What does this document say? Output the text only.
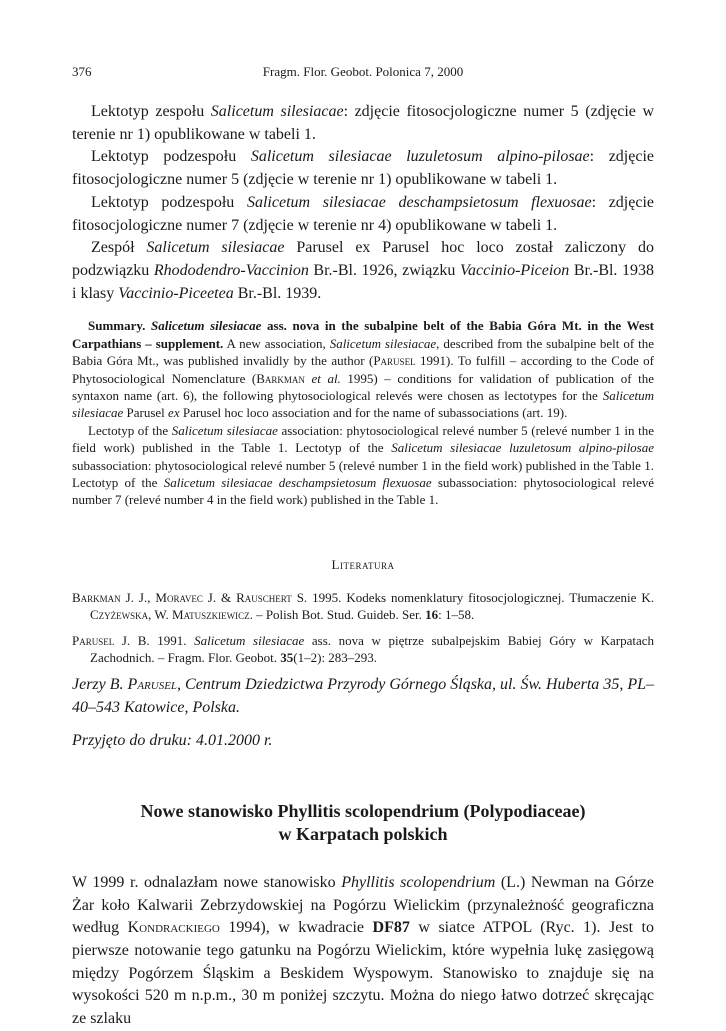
376	Fragm. Flor. Geobot. Polonica 7, 2000

Lektotyp zespołu Salicetum silesiacae: zdjęcie fitosocjologiczne numer 5 (zdjęcie w terenie nr 1) opublikowane w tabeli 1.

Lektotyp podzespołu Salicetum silesiacae luzuletosum alpino-pilosae: zdjęcie fitosocjologiczne numer 5 (zdjęcie w terenie nr 1) opublikowane w tabeli 1.

Lektotyp podzespołu Salicetum silesiacae deschampsietosum flexuosae: zdjęcie fitosocjologiczne numer 7 (zdjęcie w terenie nr 4) opublikowane w tabeli 1.

Zespół Salicetum silesiacae Parusel ex Parusel hoc loco został zaliczony do podzwiązku Rhododendro-Vaccinion Br.-Bl. 1926, związku Vaccinio-Piceion Br.-Bl. 1938 i klasy Vaccinio-Piceetea Br.-Bl. 1939.

Summary. Salicetum silesiacae ass. nova in the subalpine belt of the Babia Góra Mt. in the West Carpathians – supplement. A new association, Salicetum silesiacae, described from the subalpine belt of the Babia Góra Mt., was published invalidly by the author (Parusel 1991). To fulfill – according to the Code of Phytosociological Nomenclature (Barkman et al. 1995) – conditions for validation of publication of the syntaxon name (art. 6), the following phytosociological relevés were chosen as lectotypes for the Salicetum silesiacae Parusel ex Parusel hoc loco association and for the name of subassociations (art. 19).

Lectotyp of the Salicetum silesiacae association: phytosociological relevé number 5 (relevé number 1 in the field work) published in the Table 1. Lectotyp of the Salicetum silesiacae luzuletosum alpino-pilosae subassociation: phytosociological relevé number 5 (relevé number 1 in the field work) published in the Table 1. Lectotyp of the Salicetum silesiacae deschampsietosum flexuosae subassociation: phytosociological relevé number 7 (relevé number 4 in the field work) published in the Table 1.

Literatura
Barkman J. J., Moravec J. & Rauschert S. 1995. Kodeks nomenklatury fitosocjologicznej. Tłumaczenie K. Czyżewska, W. Matuszkiewicz. – Polish Bot. Stud. Guideb. Ser. 16: 1–58.
Parusel J. B. 1991. Salicetum silesiacae ass. nova w piętrze subalpejskim Babiej Góry w Karpatach Zachodnich. – Fragm. Flor. Geobot. 35(1–2): 283–293.
Jerzy B. Parusel, Centrum Dziedzictwa Przyrody Górnego Śląska, ul. Św. Huberta 35, PL–40–543 Katowice, Polska.
Przyjęto do druku: 4.01.2000 r.
Nowe stanowisko Phyllitis scolopendrium (Polypodiaceae)
w Karpatach polskich

W 1999 r. odnalazłam nowe stanowisko Phyllitis scolopendrium (L.) Newman na Górze Żar koło Kalwarii Zebrzydowskiej na Pogórzu Wielickim (przynależność geograficzna według Kondrackiego 1994), w kwadracie DF87 w siatce ATPOL (Ryc. 1). Jest to pierwsze notowanie tego gatunku na Pogórzu Wielickim, które wypełnia lukę zasięgową między Pogórzem Śląskim a Beskidem Wyspowym. Stanowisko to znajduje się na wysokości 520 m n.p.m., 30 m poniżej szczytu. Można do niego łatwo dotrzeć skręcając ze szlaku
